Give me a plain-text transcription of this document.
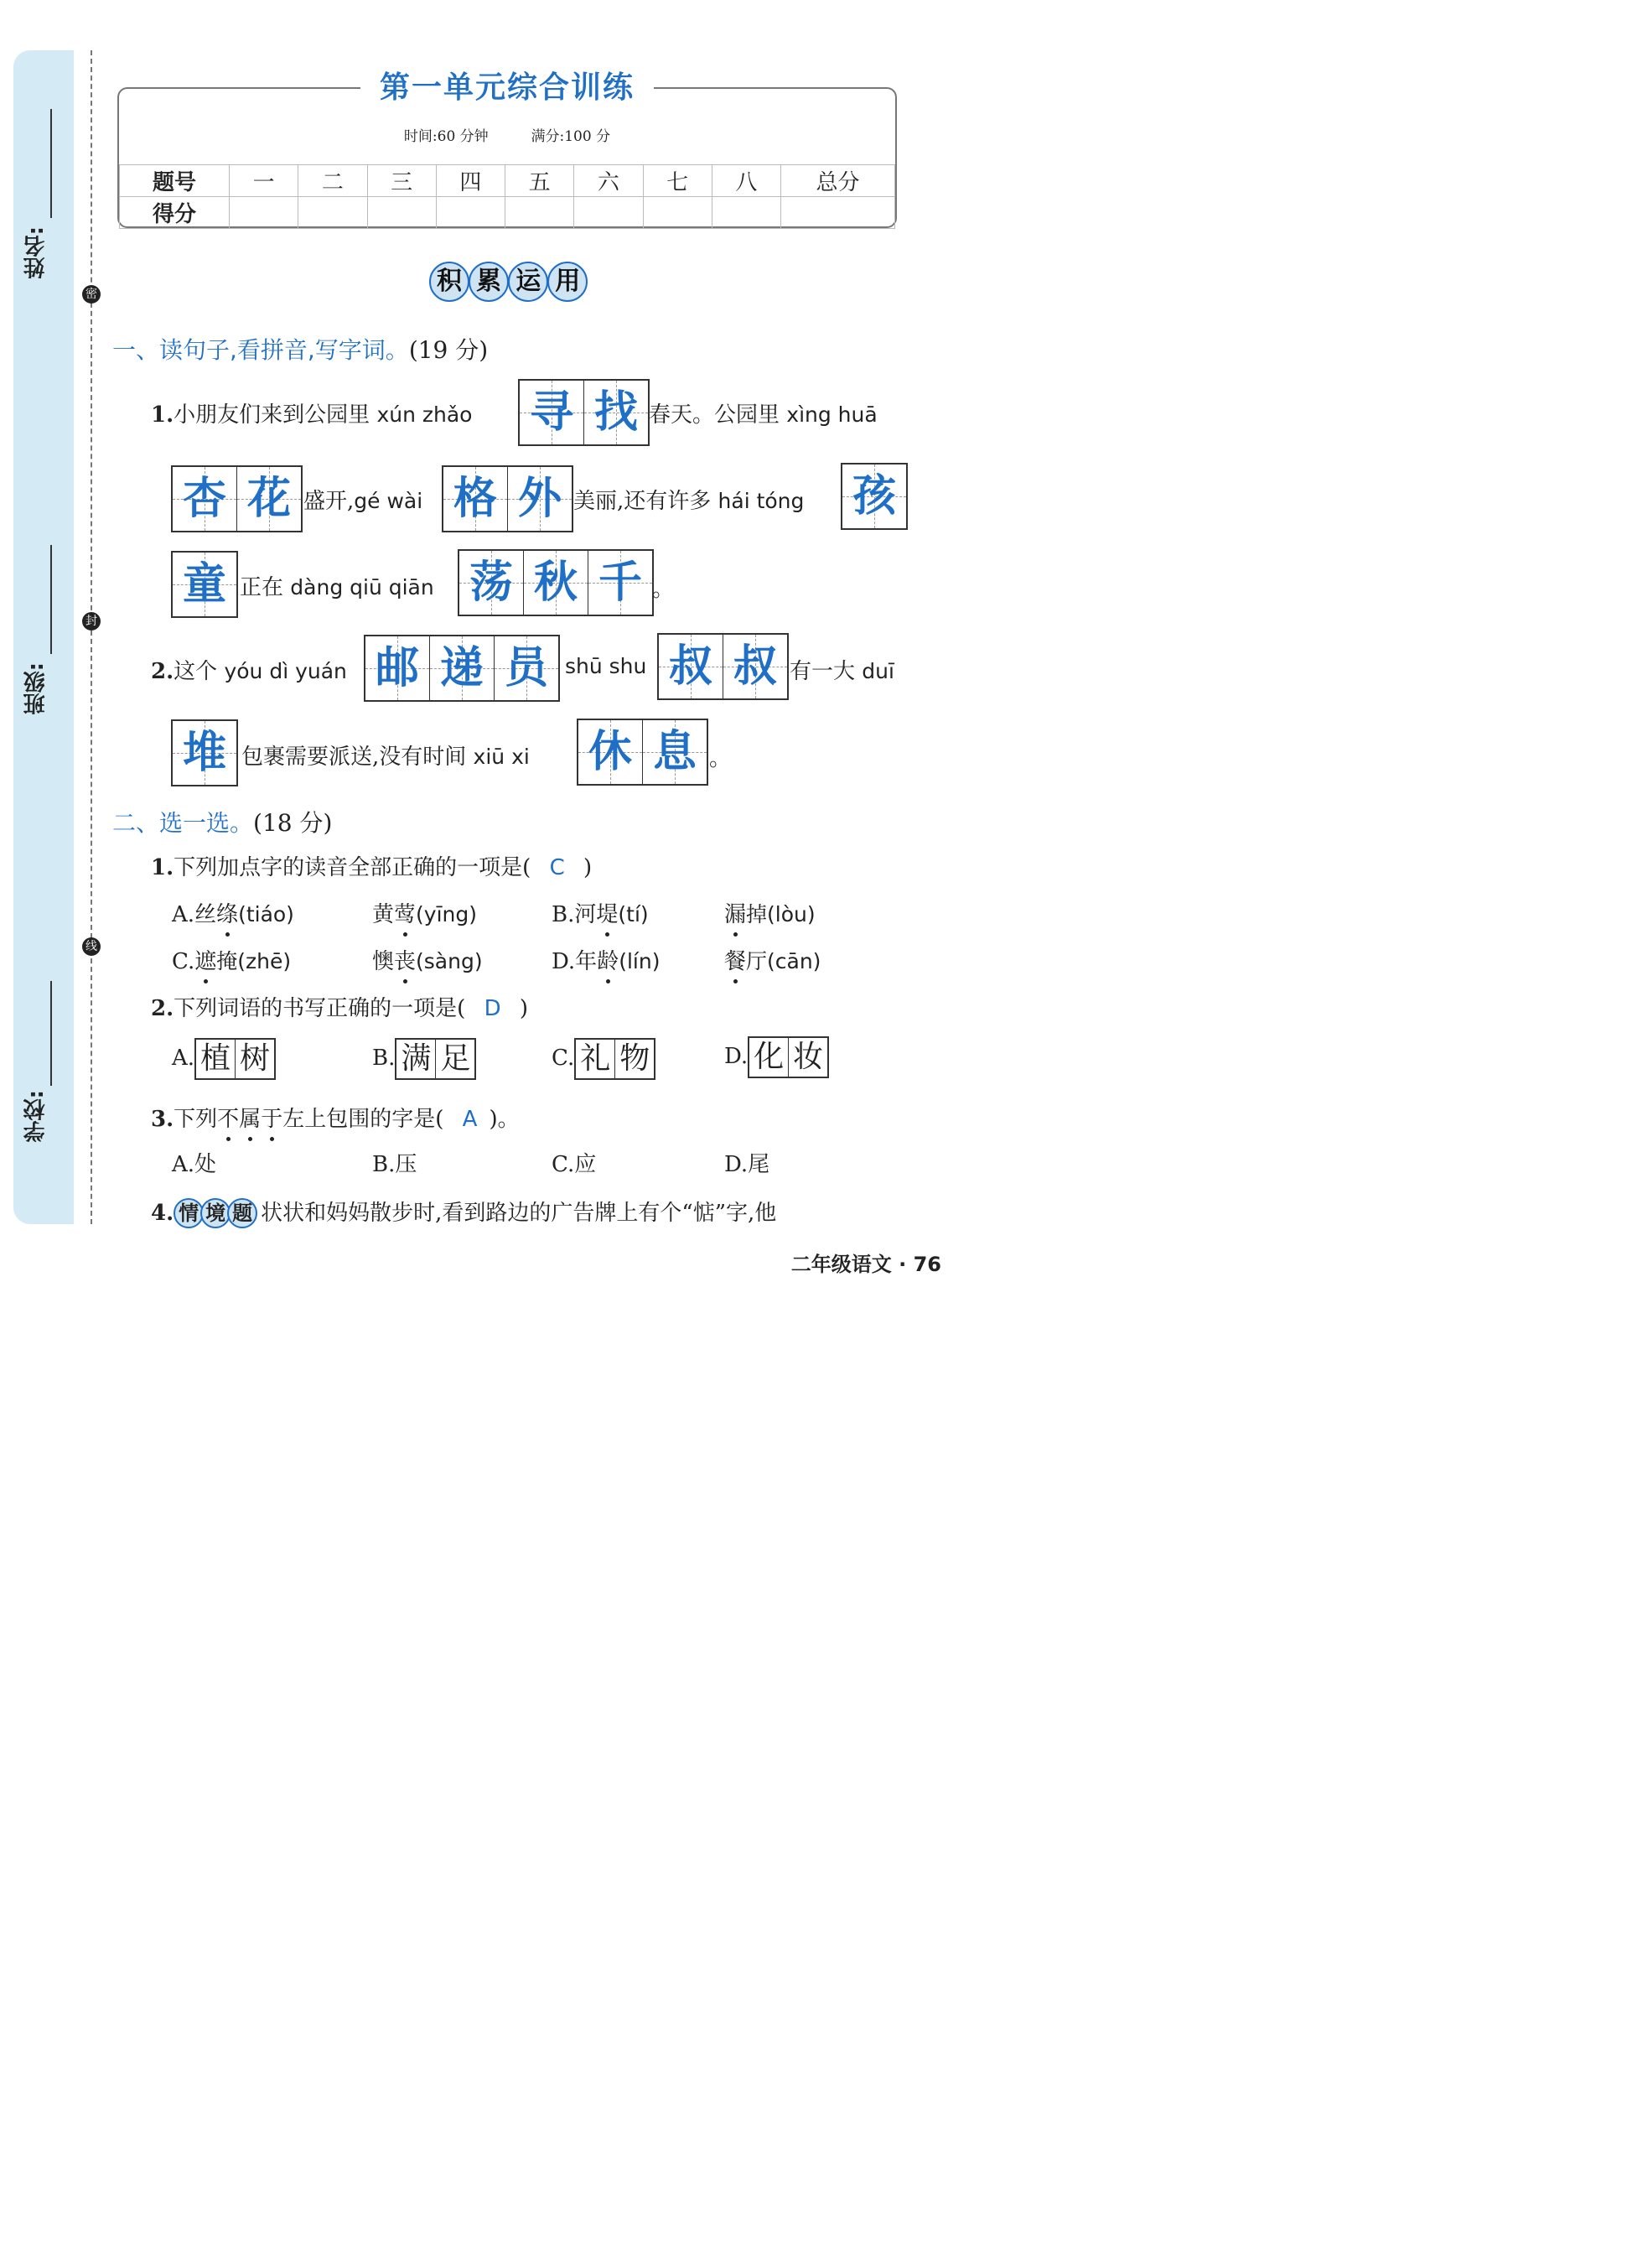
姓名:
班级:
学校:
密
封
线
第一单元综合训练
时间:60 分钟	满分:100 分
题号	一	二	三	四	五	六	七	八	总分
得分									
积 累 运 用
一、读句子,看拼音,写字词。(19 分)
1.小朋友们来到公园里 xún zhǎo 寻 找 春天。公园里 xìng huā
杏 花 盛开,gé wài 格 外 美丽,还有许多 hái tóng 孩
童 正在 dàng qiū qiān 荡 秋 千 。
2.这个 yóu dì yuán 邮 递 员 shū shu 叔 叔 有一大 duī
堆 包裹需要派送,没有时间 xiū xi 休 息 。
二、选一选。(18 分)
1.下列加点字的读音全部正确的一项是( C )
A.丝绦(tiáo)	黄莺(yīng)	B.河堤(tí)	漏掉(lòu)
C.遮掩(zhē)	懊丧(sàng)	D.年龄(lín)	餐厅(cān)
2.下列词语的书写正确的一项是( D )
A. 植 树	B. 满 足	C. 礼 物	D. 化 妆
3.下列不属于左上包围的字是( A )。
A.处	B.压	C.应	D.尾
4. 情 境 题 状状和妈妈散步时,看到路边的广告牌上有个“惦”字,他
二年级语文 · 76
